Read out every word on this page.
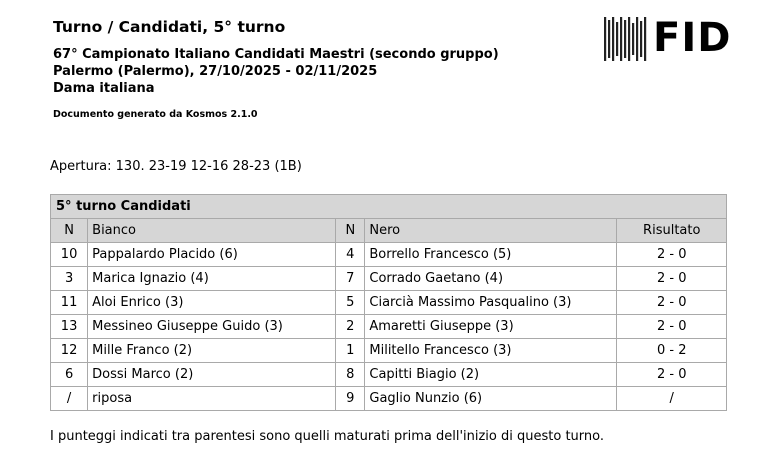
Turno / Candidati, 5° turno
67° Campionato Italiano Candidati Maestri (secondo gruppo)
Palermo (Palermo), 27/10/2025 - 02/11/2025
Dama italiana
Documento generato da Kosmos 2.1.0
FID
Apertura: 130. 23-19 12-16 28-23 (1B)
5° turno Candidati				
N	Bianco	N	Nero	Risultato
10	Pappalardo Placido (6)	4	Borrello Francesco (5)	2 - 0
3	Marica Ignazio (4)	7	Corrado Gaetano (4)	2 - 0
11	Aloi Enrico (3)	5	Ciarcià Massimo Pasqualino (3)	2 - 0
13	Messineo Giuseppe Guido (3)	2	Amaretti Giuseppe (3)	2 - 0
12	Mille Franco (2)	1	Militello Francesco (3)	0 - 2
6	Dossi Marco (2)	8	Capitti Biagio (2)	2 - 0
/	riposa	9	Gaglio Nunzio (6)	/
I punteggi indicati tra parentesi sono quelli maturati prima dell'inizio di questo turno.
